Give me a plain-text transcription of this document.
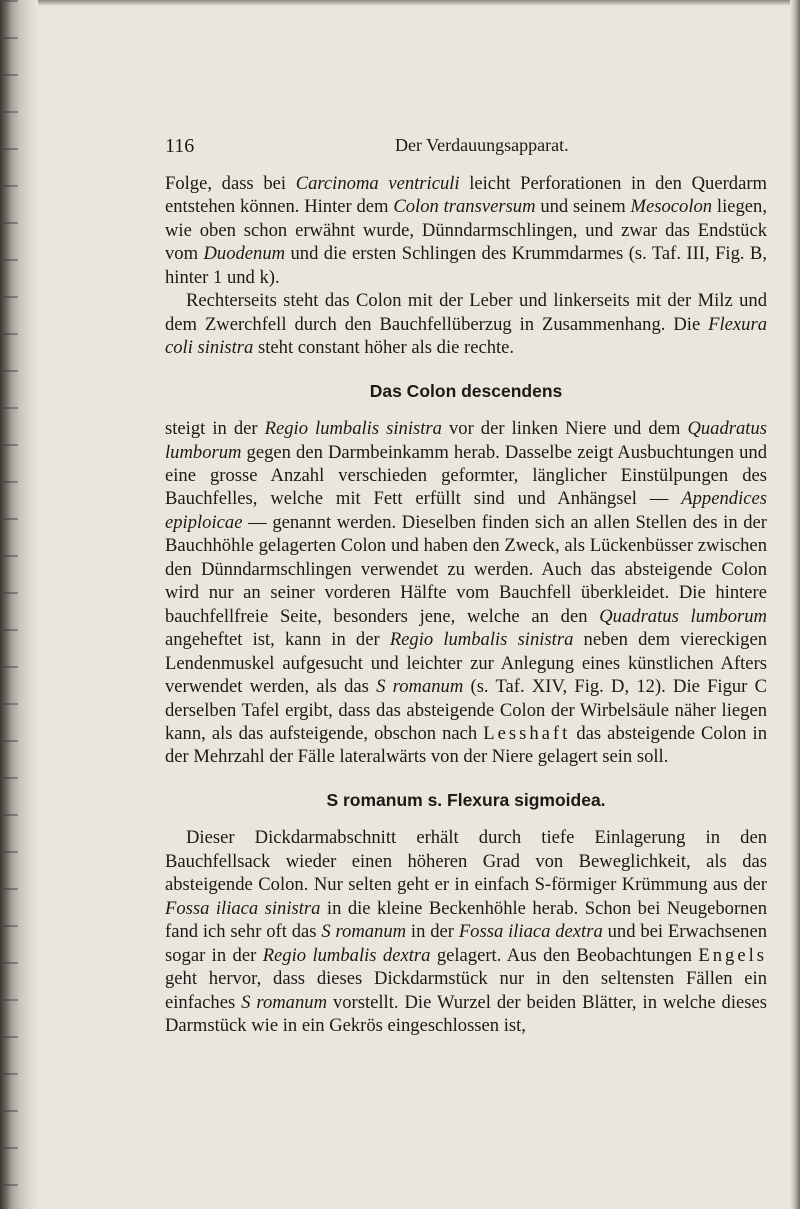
116	Der Verdauungsapparat.

Folge, dass bei Carcinoma ventriculi leicht Perforationen in den Querdarm entstehen können. Hinter dem Colon transversum und seinem Mesocolon liegen, wie oben schon erwähnt wurde, Dünndarmschlingen, und zwar das Endstück vom Duodenum und die ersten Schlingen des Krummdarmes (s. Taf. III, Fig. B, hinter 1 und k).

Rechterseits steht das Colon mit der Leber und linkerseits mit der Milz und dem Zwerchfell durch den Bauchfellüberzug in Zusammenhang. Die Flexura coli sinistra steht constant höher als die rechte.

Das Colon descendens

steigt in der Regio lumbalis sinistra vor der linken Niere und dem Quadratus lumborum gegen den Darmbeinkamm herab. Dasselbe zeigt Ausbuchtungen und eine grosse Anzahl verschieden geformter, länglicher Einstülpungen des Bauchfelles, welche mit Fett erfüllt sind und Anhängsel — Appendices epiploicae — genannt werden. Dieselben finden sich an allen Stellen des in der Bauchhöhle gelagerten Colon und haben den Zweck, als Lückenbüsser zwischen den Dünndarmschlingen verwendet zu werden. Auch das absteigende Colon wird nur an seiner vorderen Hälfte vom Bauchfell überkleidet. Die hintere bauchfellfreie Seite, besonders jene, welche an den Quadratus lumborum angeheftet ist, kann in der Regio lumbalis sinistra neben dem viereckigen Lendenmuskel aufgesucht und leichter zur Anlegung eines künstlichen Afters verwendet werden, als das S romanum (s. Taf. XIV, Fig. D, 12). Die Figur C derselben Tafel ergibt, dass das absteigende Colon der Wirbelsäule näher liegen kann, als das aufsteigende, obschon nach Lesshaft das absteigende Colon in der Mehrzahl der Fälle lateralwärts von der Niere gelagert sein soll.

S romanum s. Flexura sigmoidea.

Dieser Dickdarmabschnitt erhält durch tiefe Einlagerung in den Bauchfellsack wieder einen höheren Grad von Beweglichkeit, als das absteigende Colon. Nur selten geht er in einfach S-förmiger Krümmung aus der Fossa iliaca sinistra in die kleine Beckenhöhle herab. Schon bei Neugebornen fand ich sehr oft das S romanum in der Fossa iliaca dextra und bei Erwachsenen sogar in der Regio lumbalis dextra gelagert. Aus den Beobachtungen Engels geht hervor, dass dieses Dickdarmstück nur in den seltensten Fällen ein einfaches S romanum vorstellt. Die Wurzel der beiden Blätter, in welche dieses Darmstück wie in ein Gekrös eingeschlossen ist,
